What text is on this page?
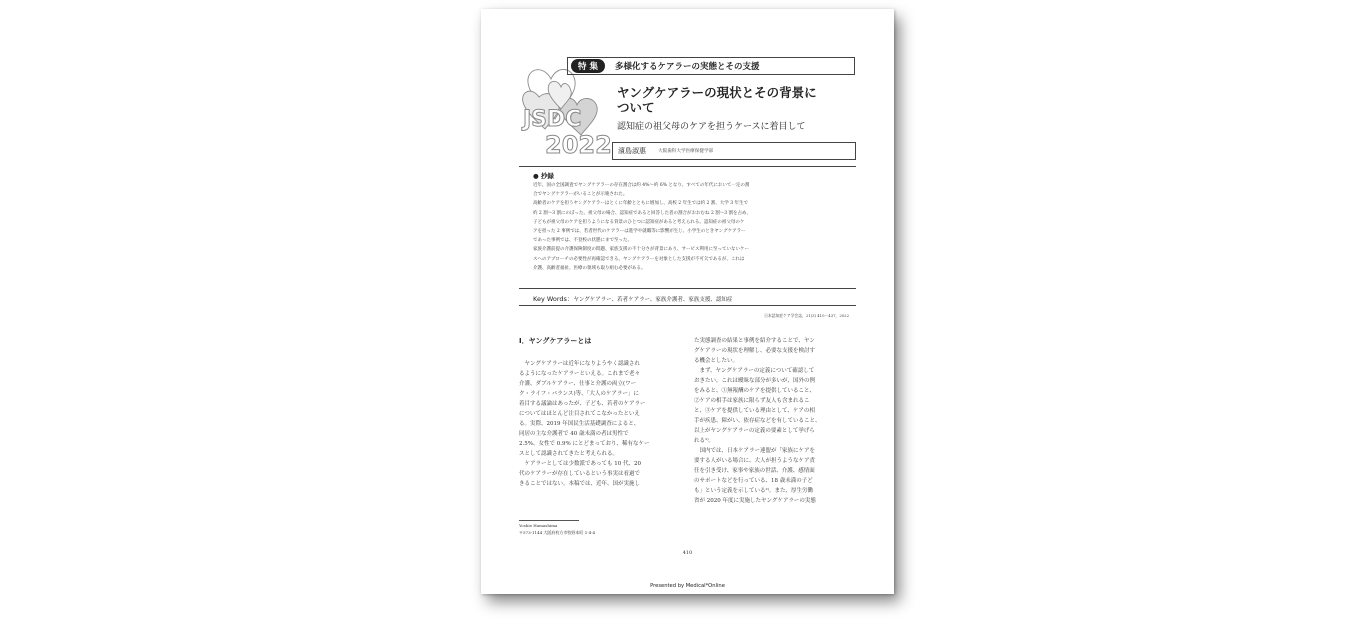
JSDC
2022
特 集	多様化するケアラーの実態とその支援
ヤングケアラーの現状とその背景に
ついて
認知症の祖父母のケアを担うケースに着目して
濱島淑惠	大阪歯科大学医療保健学部
● 抄録

近年、国の全国調査でヤングケアラーの存在割合は約 4%～約 6% となり、すべての年代において一定の割

合でヤングケアラーがいることが示唆された。

高齢者のケアを担うヤングケアラーはとくに年齢とともに増加し、高校 2 年生では約 2 割、大学 3 年生で

約 2 割～3 割にのぼった。祖父母の場合、認知症であると回答した者の割合がおおむね 2 割～3 割を占め、

子どもが祖父母のケアを担うようになる背景のひとつに認知症があると考えられる。認知症の祖父母のケ

アを担った 2 事例では、若者世代のケアラーは進学や就職等に影響が生じ、小学生のときヤングケアラー

であった事例では、不登校の状態にまで至った。

家族介護前提の介護保険制度の問題、家族支援の不十分さが背景にあり、サービス利用に至っていないケー

スへのアプローチの必要性が再確認できる。ヤングケアラーを対象とした支援が不可欠であるが、これは

介護、高齢者福祉、医療の領域も取り組む必要がある。

Key Words：ヤングケアラー、若者ケアラー、家族介護者、家族支援、認知症
日本認知症ケア学会誌，21(3) 410－437，2022
Ⅰ．ヤングケアラーとは

ヤングケアラーは近年になりようやく認識され

るようになったケアラーといえる。これまで老々

介護、ダブルケアラー、仕事と介護の両立(ワー

ク・ライフ・バランス)等、「大人のケアラー」に

着目する議論はあったが、子ども、若者のケアラー

についてはほとんど注目されてこなかったといえ

る。実際、2019 年国民生活基礎調査によると、

同居の主な介護者で 40 歳未満の者は男性で

2.5%、女性で 0.9% にとどまっており、稀有なケー

スとして認識されてきたと考えられる。

ケアラーとしては少数派であっても 10 代、20

代のケアラーが存在しているという事実は看過で

きることではない。本稿では、近年、国が実施し

た実態調査の結果と事例を紹介することで、ヤン

グケアラーの現状を理解し、必要な支援を検討す

る機会としたい。

まず、ヤングケアラーの定義について確認して

おきたい。これは曖昧な部分が多いが、国外の例

をみると、①無報酬のケアを提供していること、

②ケアの相手は家族に限らず友人も含まれるこ

と、③ケアを提供している理由として、ケアの相

手が疾患、障がい、依存症などを有していること、

以上がヤングケアラーの定義の要素として挙げら

れる¹⁾。

国内では、日本ケアラー連盟が「家族にケアを

要する人がいる場合に、大人が担うようなケア責

任を引き受け、家事や家族の世話、介護、感情面

のサポートなどを行っている、18 歳未満の子ど

も」という定義を示している²⁾。また、厚生労働

省が 2020 年度に実施したヤングケアラーの実態

Yoshie Hamashima
〒573-1144 大阪府枚方市牧野本町 1-4-4
410
Presented by Medical*Online
